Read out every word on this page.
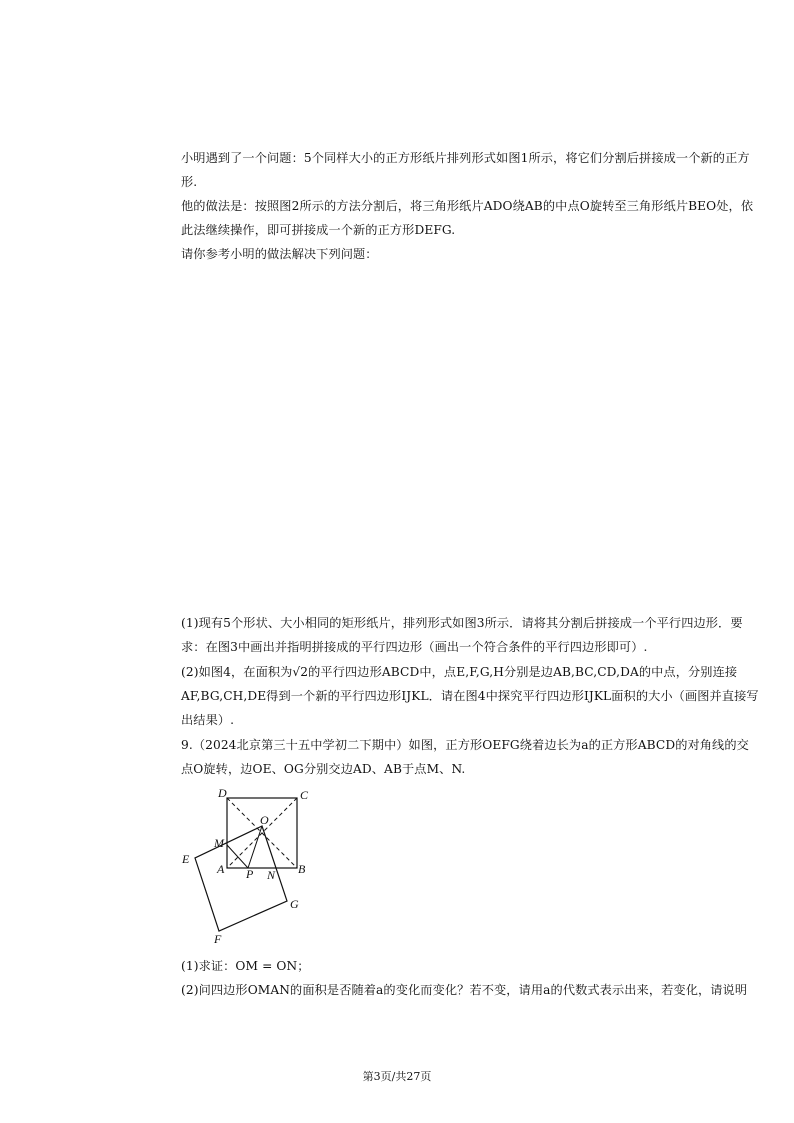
小明遇到了一个问题：5个同样大小的正方形纸片排列形式如图1所示，将它们分割后拼接成一个新的正方形.

他的做法是：按照图2所示的方法分割后，将三角形纸片ADO绕AB的中点O旋转至三角形纸片BEO处，依此法继续操作，即可拼接成一个新的正方形DEFG.

请你参考小明的做法解决下列问题：

(1)现有5个形状、大小相同的矩形纸片，排列形式如图3所示．请将其分割后拼接成一个平行四边形．要求：在图3中画出并指明拼接成的平行四边形（画出一个符合条件的平行四边形即可）.

(2)如图4，在面积为√2的平行四边形ABCD中，点E,F,G,H分别是边AB,BC,CD,DA的中点，分别连接AF,BG,CH,DE得到一个新的平行四边形IJKL．请在图4中探究平行四边形IJKL面积的大小（画图并直接写出结果）.

9.（2024北京第三十五中学初二下期中）如图，正方形OEFG绕着边长为a的正方形ABCD的对角线的交点O旋转，边OE、OG分别交边AD、AB于点M、N.

D	C
O
M
E
A P N B
G
F

(1)求证：OM = ON；

(2)问四边形OMAN的面积是否随着a的变化而变化？若不变，请用a的代数式表示出来，若变化，请说明

第3页/共27页
